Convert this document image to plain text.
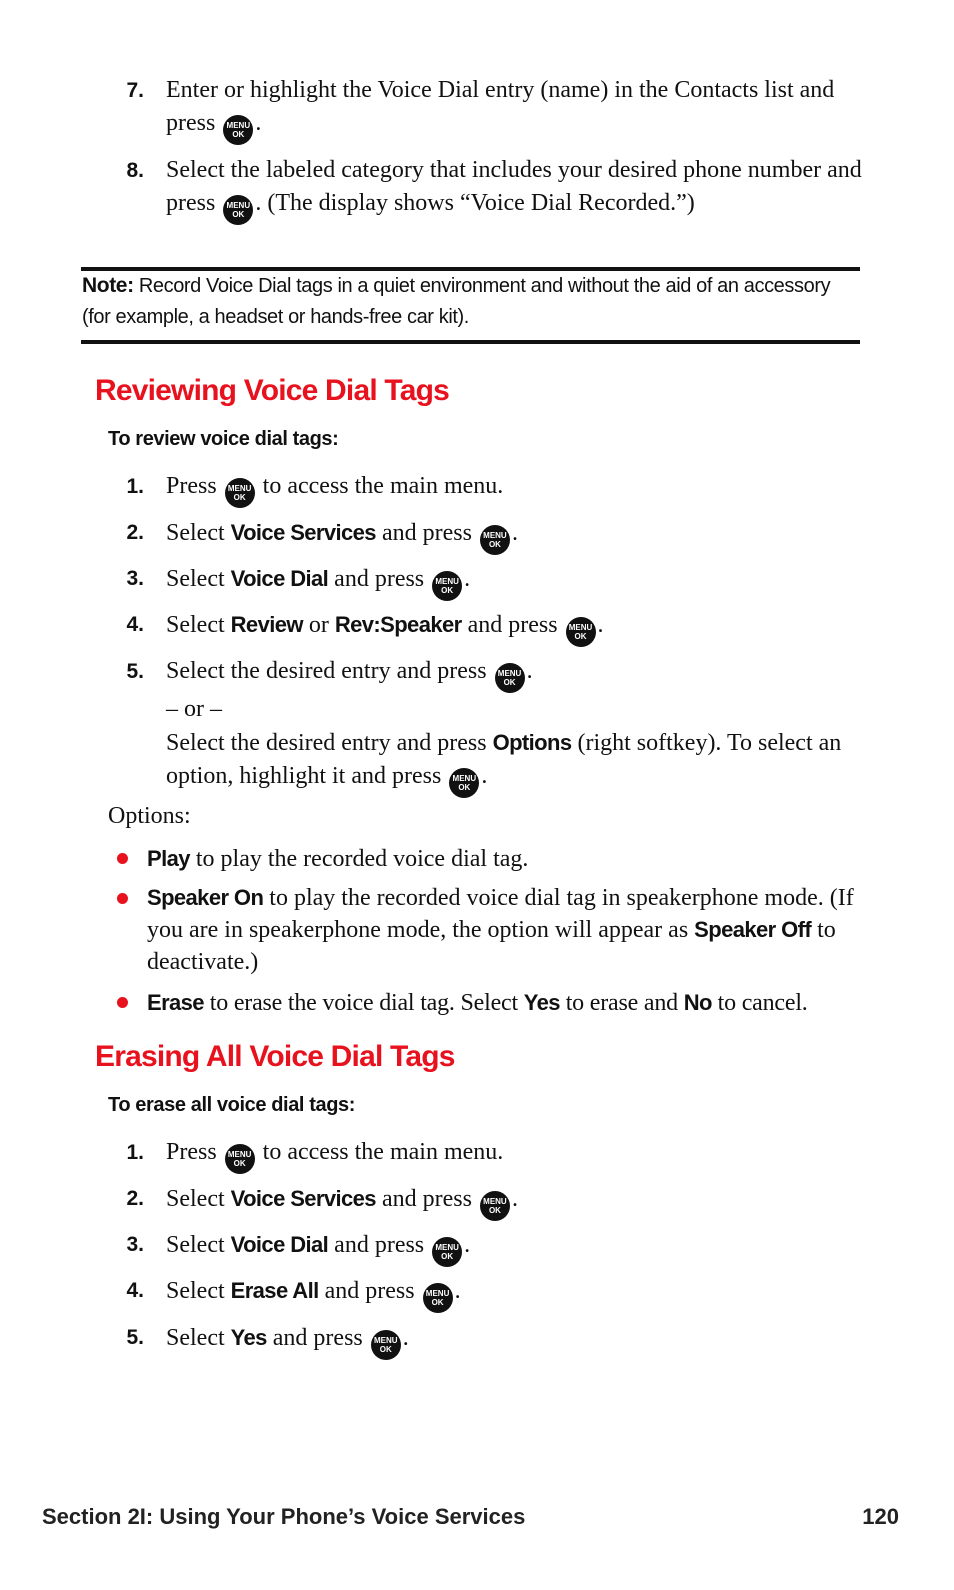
7. Enter or highlight the Voice Dial entry (name) in the Contacts list and press MENU
OK .
8. Select the labeled category that includes your desired phone number and press MENU
OK . (The display shows “Voice Dial Recorded.”)
Note: Record Voice Dial tags in a quiet environment and without the aid of an accessory (for example, a headset or hands-free car kit).
Reviewing Voice Dial Tags
To review voice dial tags:
1. Press MENU
OK to access the main menu.
2. Select Voice Services and press MENU
OK .
3. Select Voice Dial and press MENU
OK .
4. Select Review or Rev:Speaker and press MENU
OK .
5. Select the desired entry and press MENU
OK .
– or –
Select the desired entry and press Options (right softkey). To select an option, highlight it and press MENU
OK .
Options:
Play to play the recorded voice dial tag.
Speaker On to play the recorded voice dial tag in speakerphone mode. (If you are in speakerphone mode, the option will appear as Speaker Off to deactivate.)
Erase to erase the voice dial tag. Select Yes to erase and No to cancel.
Erasing All Voice Dial Tags
To erase all voice dial tags:
1. Press MENU
OK to access the main menu.
2. Select Voice Services and press MENU
OK .
3. Select Voice Dial and press MENU
OK .
4. Select Erase All and press MENU
OK .
5. Select Yes and press MENU
OK .
Section 2I: Using Your Phone’s Voice Services	120
